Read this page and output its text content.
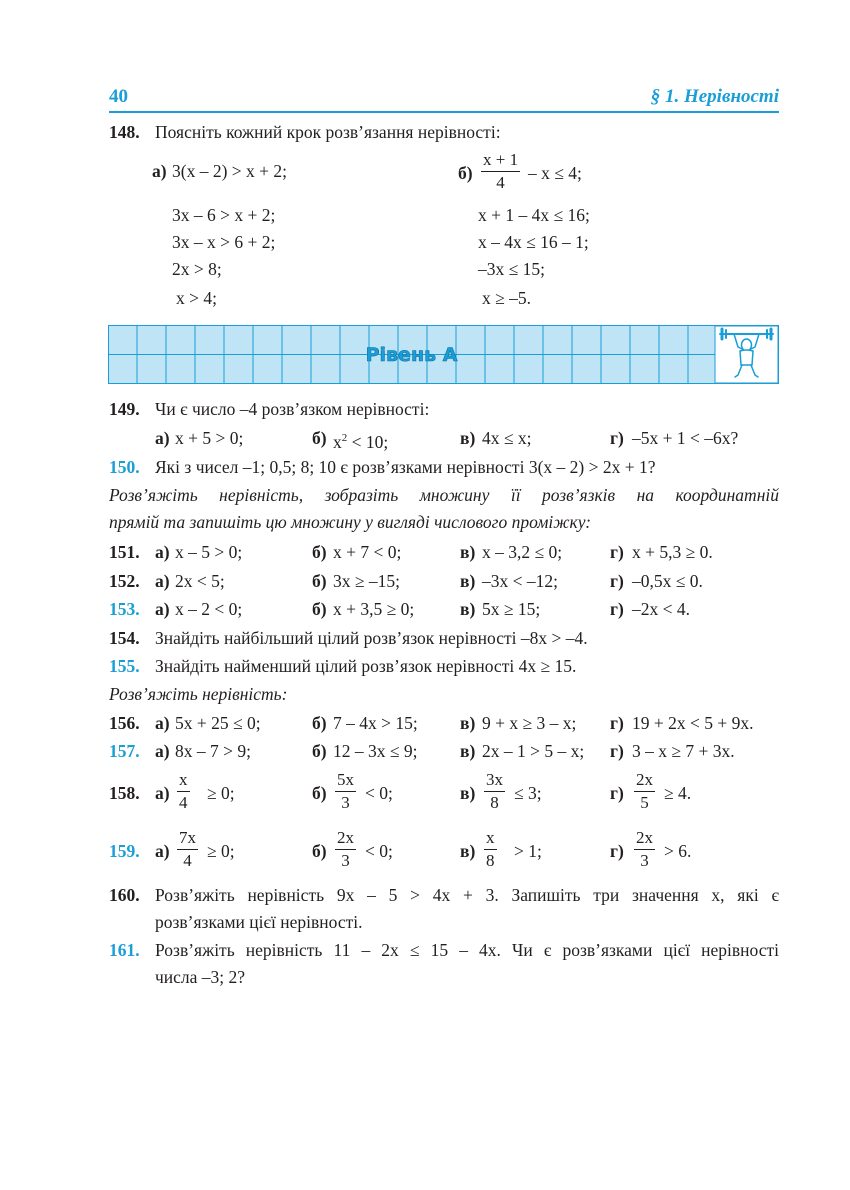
40	§ 1. Нерівності
148. Поясніть кожний крок розв’язання нерівності:
а) 3(x – 2) > x + 2;
3x – 6 > x + 2;
3x – x > 6 + 2;
2x > 8;
x > 4;
$б) \frac{x + 1}{4} - x \le 4$;
x + 1 – 4x ≤ 16;
x – 4x ≤ 16 – 1;
–3x ≤ 15;
x ≥ –5.
Рівень А
149. Чи є число –4 розв’язком нерівності:
а) x + 5 > 0;	б) $x^2 < 10$;	в) 4x ≤ x;	г) –5x + 1 < –6x?
150. Які з чисел –1; 0,5; 8; 10 є розв’язками нерівності 3(x – 2) > 2x + 1?
Розв’яжіть нерівність, зобразіть множину її розв’язків на координатній
прямій та запишіть цю множину у вигляді числового проміжку:
151. а) x – 5 > 0;	б) x + 7 < 0;	в) x – 3,2 ≤ 0;	г) x + 5,3 ≥ 0.
152. а) 2x < 5;	б) 3x ≥ –15;	в) –3x < –12;	г) –0,5x ≤ 0.
153. а) x – 2 < 0;	б) x + 3,5 ≥ 0;	в) 5x ≥ 15;	г) –2x < 4.
154. Знайдіть найбільший цілий розв’язок нерівності –8x > –4.
155. Знайдіть найменший цілий розв’язок нерівності 4x ≥ 15.
Розв’яжіть нерівність:
156. а) 5x + 25 ≤ 0;	б) 7 – 4x > 15; в) 9 + x ≥ 3 – x; г) 19 + 2x < 5 + 9x.
157. а) 8x – 7 > 9;	б) 12 – 3x ≤ 9; в) 2x – 1 > 5 – x; г) 3 – x ≥ 7 + 3x.
158. $а) \frac{x}{4} \ge 0$;	$б) \frac{5x}{3} < 0$;	$в) \frac{3x}{8} \le 3$;	$г) \frac{2x}{5} \ge 4$.
159. $а) \frac{7x}{4} \ge 0$;	$б) \frac{2x}{3} < 0$;	$в) \frac{x}{8} > 1$;	$г) \frac{2x}{3} > 6$.
160. Розв’яжіть нерівність 9x – 5 > 4x + 3. Запишіть три значення x, які є
розв’язками цієї нерівності.
161. Розв’яжіть нерівність 11 – 2x ≤ 15 – 4x. Чи є розв’язками цієї нерівності
числа –3; 2?
